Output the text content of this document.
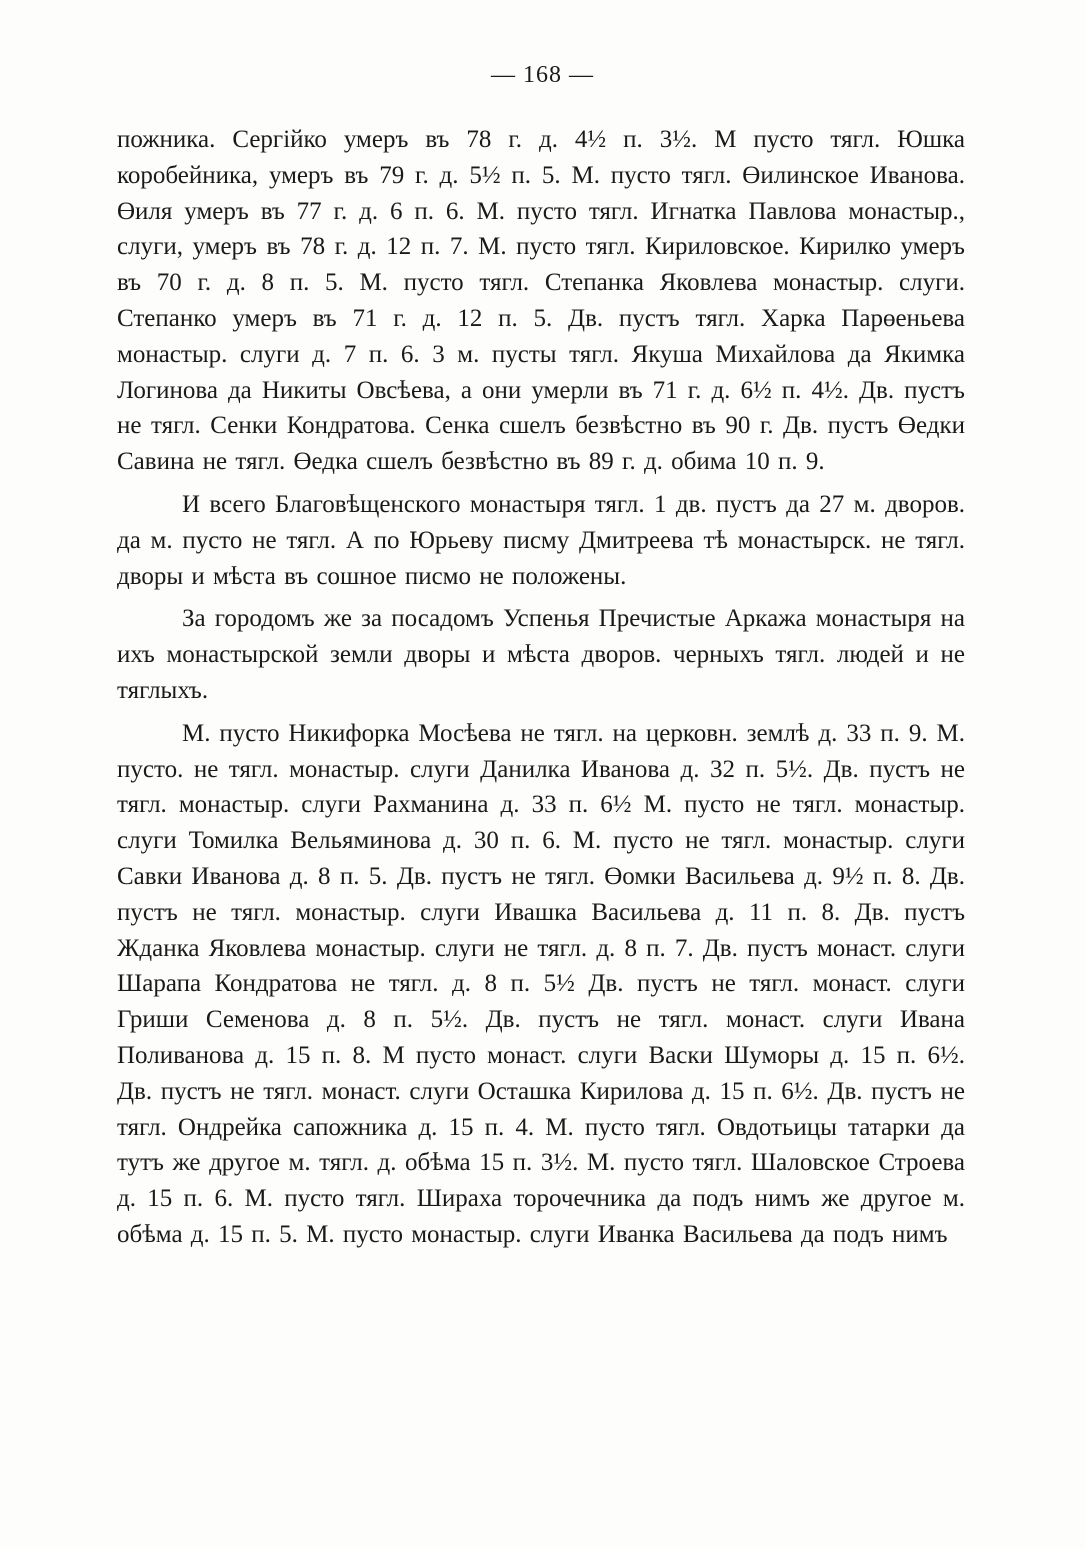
— 168 —

пожника. Сергійко умеръ въ 78 г. д. 4½ п. 3½. М пусто тягл. Юшка коробейника, умеръ въ 79 г. д. 5½ п. 5. М. пусто тягл. Өилинское Иванова. Өиля умеръ въ 77 г. д. 6 п. 6. М. пусто тягл. Игнатка Павлова монастыр., слуги, умеръ въ 78 г. д. 12 п. 7. М. пусто тягл. Кириловское. Кирилко умеръ въ 70 г. д. 8 п. 5. М. пусто тягл. Степанка Яковлева монастыр. слуги. Степанко умеръ въ 71 г. д. 12 п. 5. Дв. пустъ тягл. Харка Парөеньева монастыр. слуги д. 7 п. 6. 3 м. пусты тягл. Якуша Михайлова да Якимка Логинова да Никиты Овсѣева, а они умерли въ 71 г. д. 6½ п. 4½. Дв. пустъ не тягл. Сенки Кондратова. Сенка сшелъ безвѣстно въ 90 г. Дв. пустъ Өедки Савина не тягл. Өедка сшелъ безвѣстно въ 89 г. д. обима 10 п. 9.

И всего Благовѣщенского монастыря тягл. 1 дв. пустъ да 27 м. дворов. да м. пусто не тягл. А по Юрьеву писму Дмитреева тѣ монастырск. не тягл. дворы и мѣста въ сошное писмо не положены.

За городомъ же за посадомъ Успенья Пречистые Аркажа монастыря на ихъ монастырской земли дворы и мѣста дворов. черныхъ тягл. людей и не тяглыхъ.

М. пусто Никифорка Мосѣева не тягл. на церковн. землѣ д. 33 п. 9. М. пусто. не тягл. монастыр. слуги Данилка Иванова д. 32 п. 5½. Дв. пустъ не тягл. монастыр. слуги Рахманина д. 33 п. 6½ М. пусто не тягл. монастыр. слуги Томилка Вельяминова д. 30 п. 6. М. пусто не тягл. монастыр. слуги Савки Иванова д. 8 п. 5. Дв. пустъ не тягл. Өомки Васильева д. 9½ п. 8. Дв. пустъ не тягл. монастыр. слуги Ивашка Васильева д. 11 п. 8. Дв. пустъ Жданка Яковлева монастыр. слуги не тягл. д. 8 п. 7. Дв. пустъ монаст. слуги Шарапа Кондратова не тягл. д. 8 п. 5½ Дв. пустъ не тягл. монаст. слуги Гриши Семенова д. 8 п. 5½. Дв. пустъ не тягл. монаст. слуги Ивана Поливанова д. 15 п. 8. М пусто монаст. слуги Васки Шуморы д. 15 п. 6½. Дв. пустъ не тягл. монаст. слуги Осташка Кирилова д. 15 п. 6½. Дв. пустъ не тягл. Ондрейка сапожника д. 15 п. 4. М. пусто тягл. Овдотьицы татарки да тутъ же другое м. тягл. д. обѣма 15 п. 3½. М. пусто тягл. Шаловское Строева д. 15 п. 6. М. пусто тягл. Шираха торочечника да подъ нимъ же другое м. обѣма д. 15 п. 5. М. пусто монастыр. слуги Иванка Васильева да подъ нимъ
